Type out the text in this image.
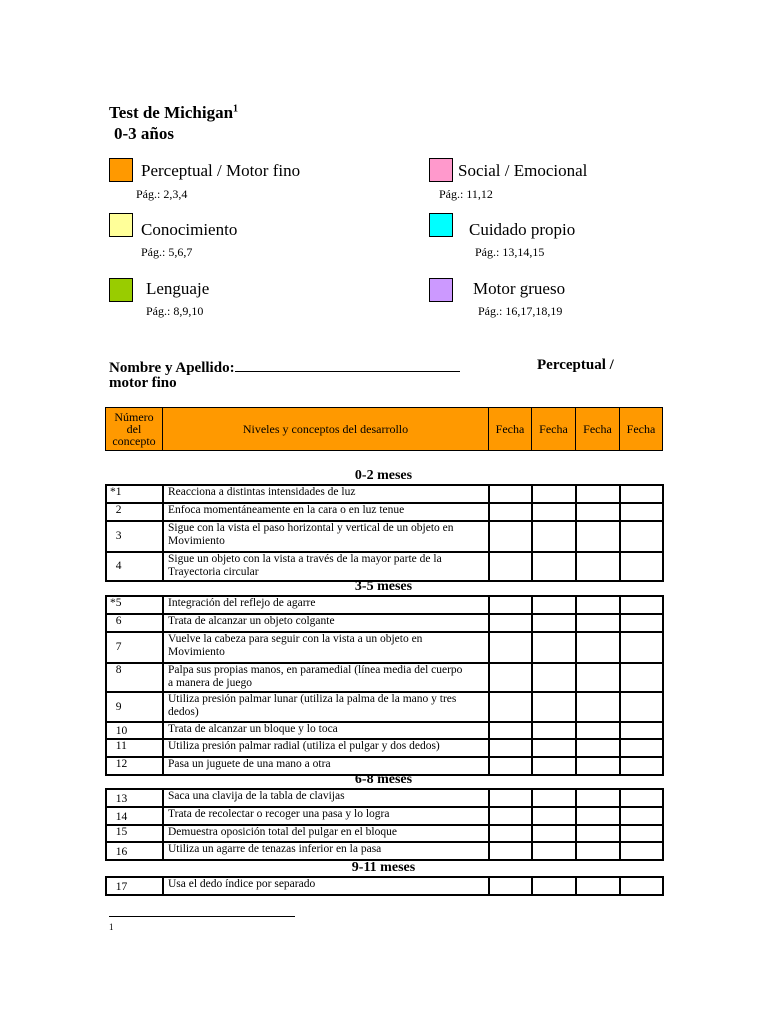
Test de Michigan$^1$
0-3 años
Perceptual / Motor fino
Pág.: 2,3,4
Social / Emocional
Pág.: 11,12
Conocimiento
Pág.: 5,6,7
Cuidado propio
Pág.: 13,14,15
Lenguaje
Pág.: 8,9,10
Motor grueso
Pág.: 16,17,18,19
Nombre y Apellido:	Perceptual /
motor fino
Número del concepto	Niveles y conceptos del desarrollo	Fecha	Fecha	Fecha	Fecha
0-2 meses
3-5 meses
6-8 meses
9-11 meses
*1	Reacciona a distintas intensidades de luz				
2	Enfoca momentáneamente en la cara o en luz tenue				
3	Sigue con la vista el paso horizontal y vertical de un objeto en
Movimiento				

4	Sigue un objeto con la vista a través de la mayor parte de la
Trayectoria circular				

*5	Integración del reflejo de agarre				
6	Trata de alcanzar un objeto colgante				
7	Vuelve la cabeza para seguir con la vista a un objeto en
Movimiento				

8	Palpa sus propias manos, en paramedial (línea media del cuerpo
a manera de juego				

9	Utiliza presión palmar lunar (utiliza la palma de la mano y tres
dedos)				

10	Trata de alcanzar un bloque y lo toca				
11	Utiliza presión palmar radial (utiliza el pulgar y dos dedos)				
12	Pasa un juguete de una mano a otra				
13	Saca una clavija de la tabla de clavijas				
14	Trata de recolectar o recoger una pasa y lo logra				
15	Demuestra oposición total del pulgar en el bloque				
16	Utiliza un agarre de tenazas inferior en la pasa				
17	Usa el dedo índice por separado				
1
